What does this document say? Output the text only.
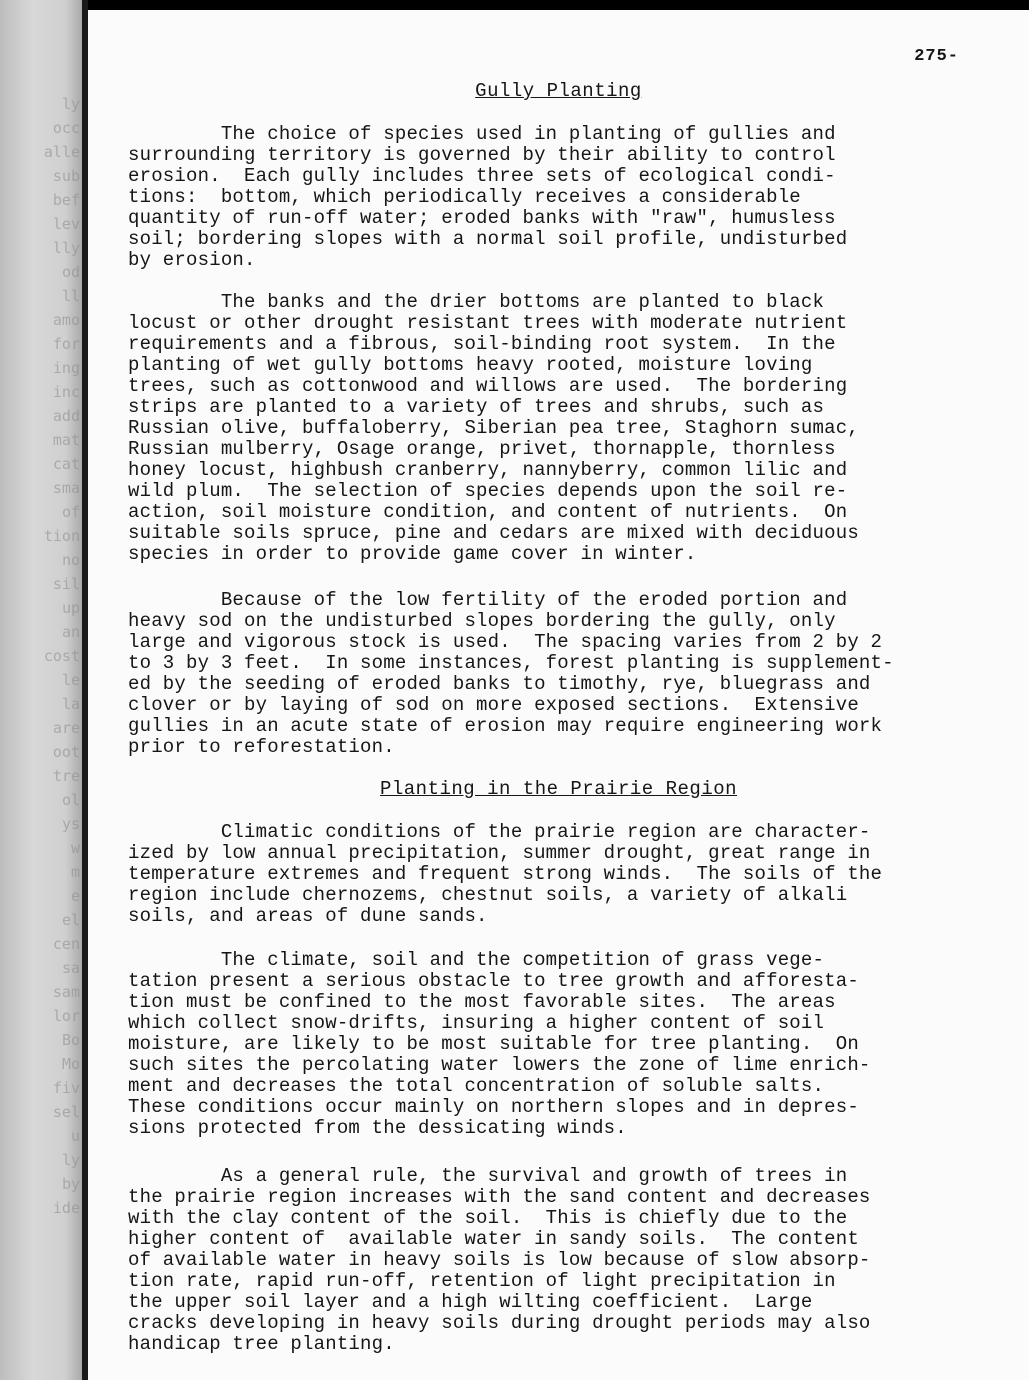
ly
occ
alle
sub
bef
lev
lly
od
ll
amo
for
ing
inc
add
mat
cat
sma
of
tion
no
sil
up
an
cost
le
la
are
oot
tre
ol
ys
w
m
e
el
cen
sa
sam
lor
Bo
Mo
fiv
sel
u
ly
by
ide
275-
Gully Planting
The choice of species used in planting of gullies and
surrounding territory is governed by their ability to control
erosion.  Each gully includes three sets of ecological condi-
tions:  bottom, which periodically receives a considerable
quantity of run-off water; eroded banks with "raw", humusless
soil; bordering slopes with a normal soil profile, undisturbed
by erosion.
The banks and the drier bottoms are planted to black
locust or other drought resistant trees with moderate nutrient
requirements and a fibrous, soil-binding root system.  In the
planting of wet gully bottoms heavy rooted, moisture loving
trees, such as cottonwood and willows are used.  The bordering
strips are planted to a variety of trees and shrubs, such as
Russian olive, buffaloberry, Siberian pea tree, Staghorn sumac,
Russian mulberry, Osage orange, privet, thornapple, thornless
honey locust, highbush cranberry, nannyberry, common lilic and
wild plum.  The selection of species depends upon the soil re-
action, soil moisture condition, and content of nutrients.  On
suitable soils spruce, pine and cedars are mixed with deciduous
species in order to provide game cover in winter.
Because of the low fertility of the eroded portion and
heavy sod on the undisturbed slopes bordering the gully, only
large and vigorous stock is used.  The spacing varies from 2 by 2
to 3 by 3 feet.  In some instances, forest planting is supplement-
ed by the seeding of eroded banks to timothy, rye, bluegrass and
clover or by laying of sod on more exposed sections.  Extensive
gullies in an acute state of erosion may require engineering work
prior to reforestation.
Planting in the Prairie Region
Climatic conditions of the prairie region are character-
ized by low annual precipitation, summer drought, great range in
temperature extremes and frequent strong winds.  The soils of the
region include chernozems, chestnut soils, a variety of alkali
soils, and areas of dune sands.
The climate, soil and the competition of grass vege-
tation present a serious obstacle to tree growth and afforesta-
tion must be confined to the most favorable sites.  The areas
which collect snow-drifts, insuring a higher content of soil
moisture, are likely to be most suitable for tree planting.  On
such sites the percolating water lowers the zone of lime enrich-
ment and decreases the total concentration of soluble salts.
These conditions occur mainly on northern slopes and in depres-
sions protected from the dessicating winds.
As a general rule, the survival and growth of trees in
the prairie region increases with the sand content and decreases
with the clay content of the soil.  This is chiefly due to the
higher content of  available water in sandy soils.  The content
of available water in heavy soils is low because of slow absorp-
tion rate, rapid run-off, retention of light precipitation in
the upper soil layer and a high wilting coefficient.  Large
cracks developing in heavy soils during drought periods may also
handicap tree planting.
